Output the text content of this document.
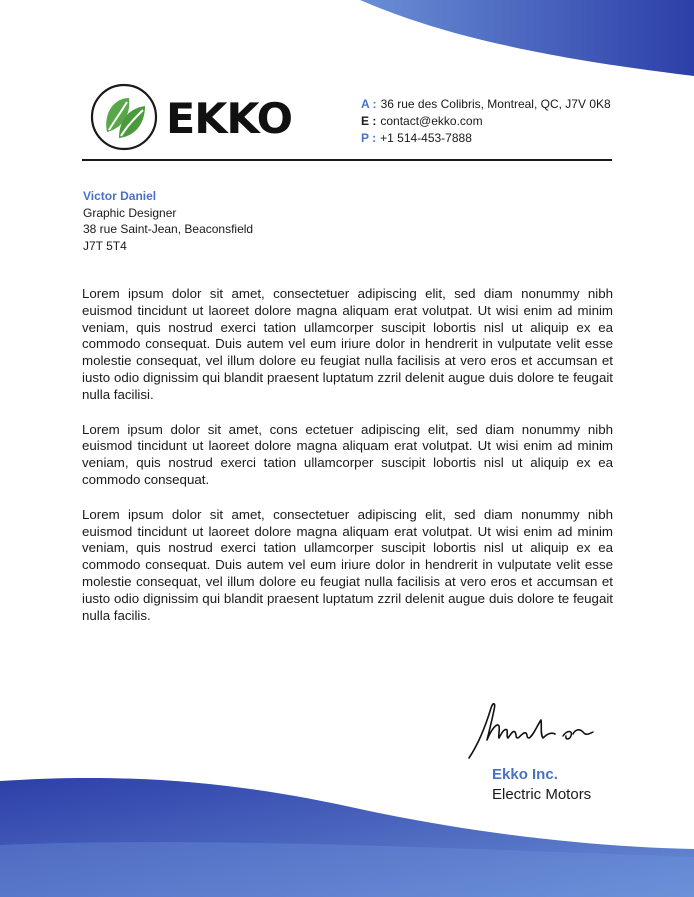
EKKO	A : 36 rue des Colibris, Montreal, QC, J7V 0K8
E : contact@ekko.com
P : +1 514-453-7888
Victor Daniel
Graphic Designer
38 rue Saint-Jean, Beaconsfield
J7T 5T4

Lorem ipsum dolor sit amet, consectetuer adipiscing elit, sed diam nonummy nibh euismod tincidunt ut laoreet dolore magna aliquam erat volutpat. Ut wisi enim ad minim veniam, quis nostrud exerci tation ullamcorper suscipit lobortis nisl ut aliquip ex ea commodo consequat. Duis autem vel eum iriure dolor in hendrerit in vulputate velit esse molestie consequat, vel illum dolore eu feugiat nulla facilisis at vero eros et accumsan et iusto odio dignissim qui blandit praesent luptatum zzril delenit augue duis dolore te feugait nulla facilisi.

Lorem ipsum dolor sit amet, cons ectetuer adipiscing elit, sed diam nonummy nibh euismod tincidunt ut laoreet dolore magna aliquam erat volutpat. Ut wisi enim ad minim veniam, quis nostrud exerci tation ullamcorper suscipit lobortis nisl ut aliquip ex ea commodo consequat.

Lorem ipsum dolor sit amet, consectetuer adipiscing elit, sed diam nonummy nibh euismod tincidunt ut laoreet dolore magna aliquam erat volutpat. Ut wisi enim ad minim veniam, quis nostrud exerci tation ullamcorper suscipit lobortis nisl ut aliquip ex ea commodo consequat. Duis autem vel eum iriure dolor in hendrerit in vulputate velit esse molestie consequat, vel illum dolore eu feugiat nulla facilisis at vero eros et accumsan et iusto odio dignissim qui blandit praesent luptatum zzril delenit augue duis dolore te feugait nulla facilis.

Ekko Inc.
Electric Motors
